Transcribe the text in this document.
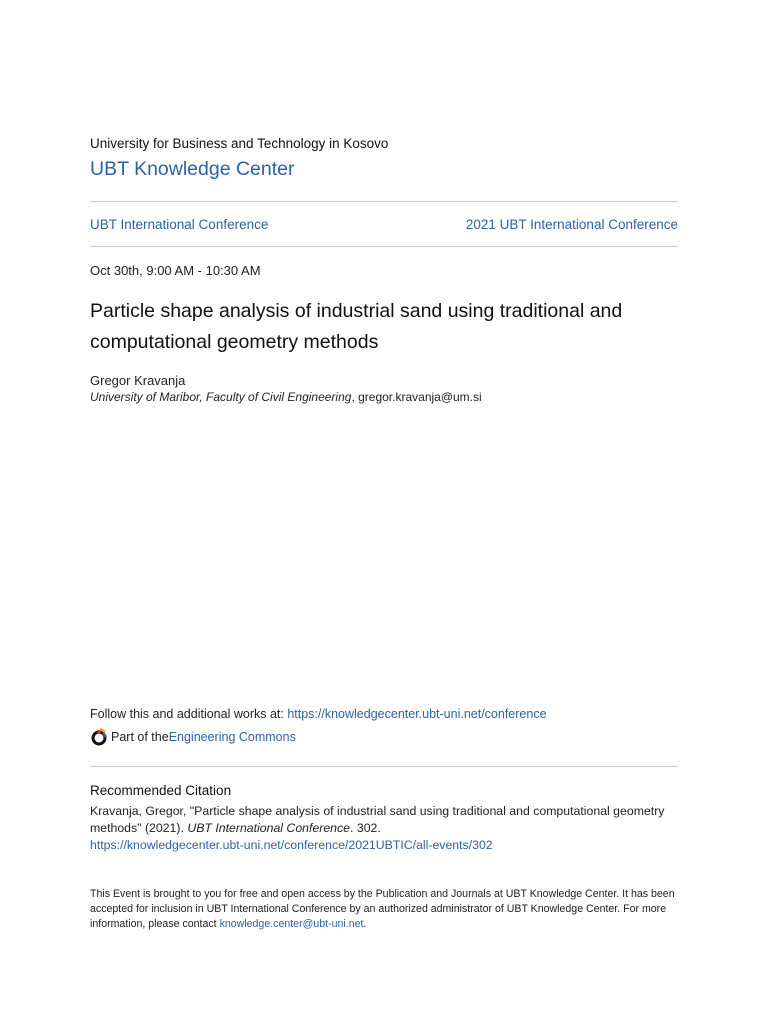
University for Business and Technology in Kosovo
UBT Knowledge Center
UBT International Conference	2021 UBT International Conference
Oct 30th, 9:00 AM - 10:30 AM
Particle shape analysis of industrial sand using traditional and computational geometry methods
Gregor Kravanja
University of Maribor, Faculty of Civil Engineering, gregor.kravanja@um.si
Follow this and additional works at: https://knowledgecenter.ubt-uni.net/conference
Part of the Engineering Commons
Recommended Citation
Kravanja, Gregor, "Particle shape analysis of industrial sand using traditional and computational geometry methods" (2021). UBT International Conference. 302.
https://knowledgecenter.ubt-uni.net/conference/2021UBTIC/all-events/302
This Event is brought to you for free and open access by the Publication and Journals at UBT Knowledge Center. It has been accepted for inclusion in UBT International Conference by an authorized administrator of UBT Knowledge Center. For more information, please contact knowledge.center@ubt-uni.net.
